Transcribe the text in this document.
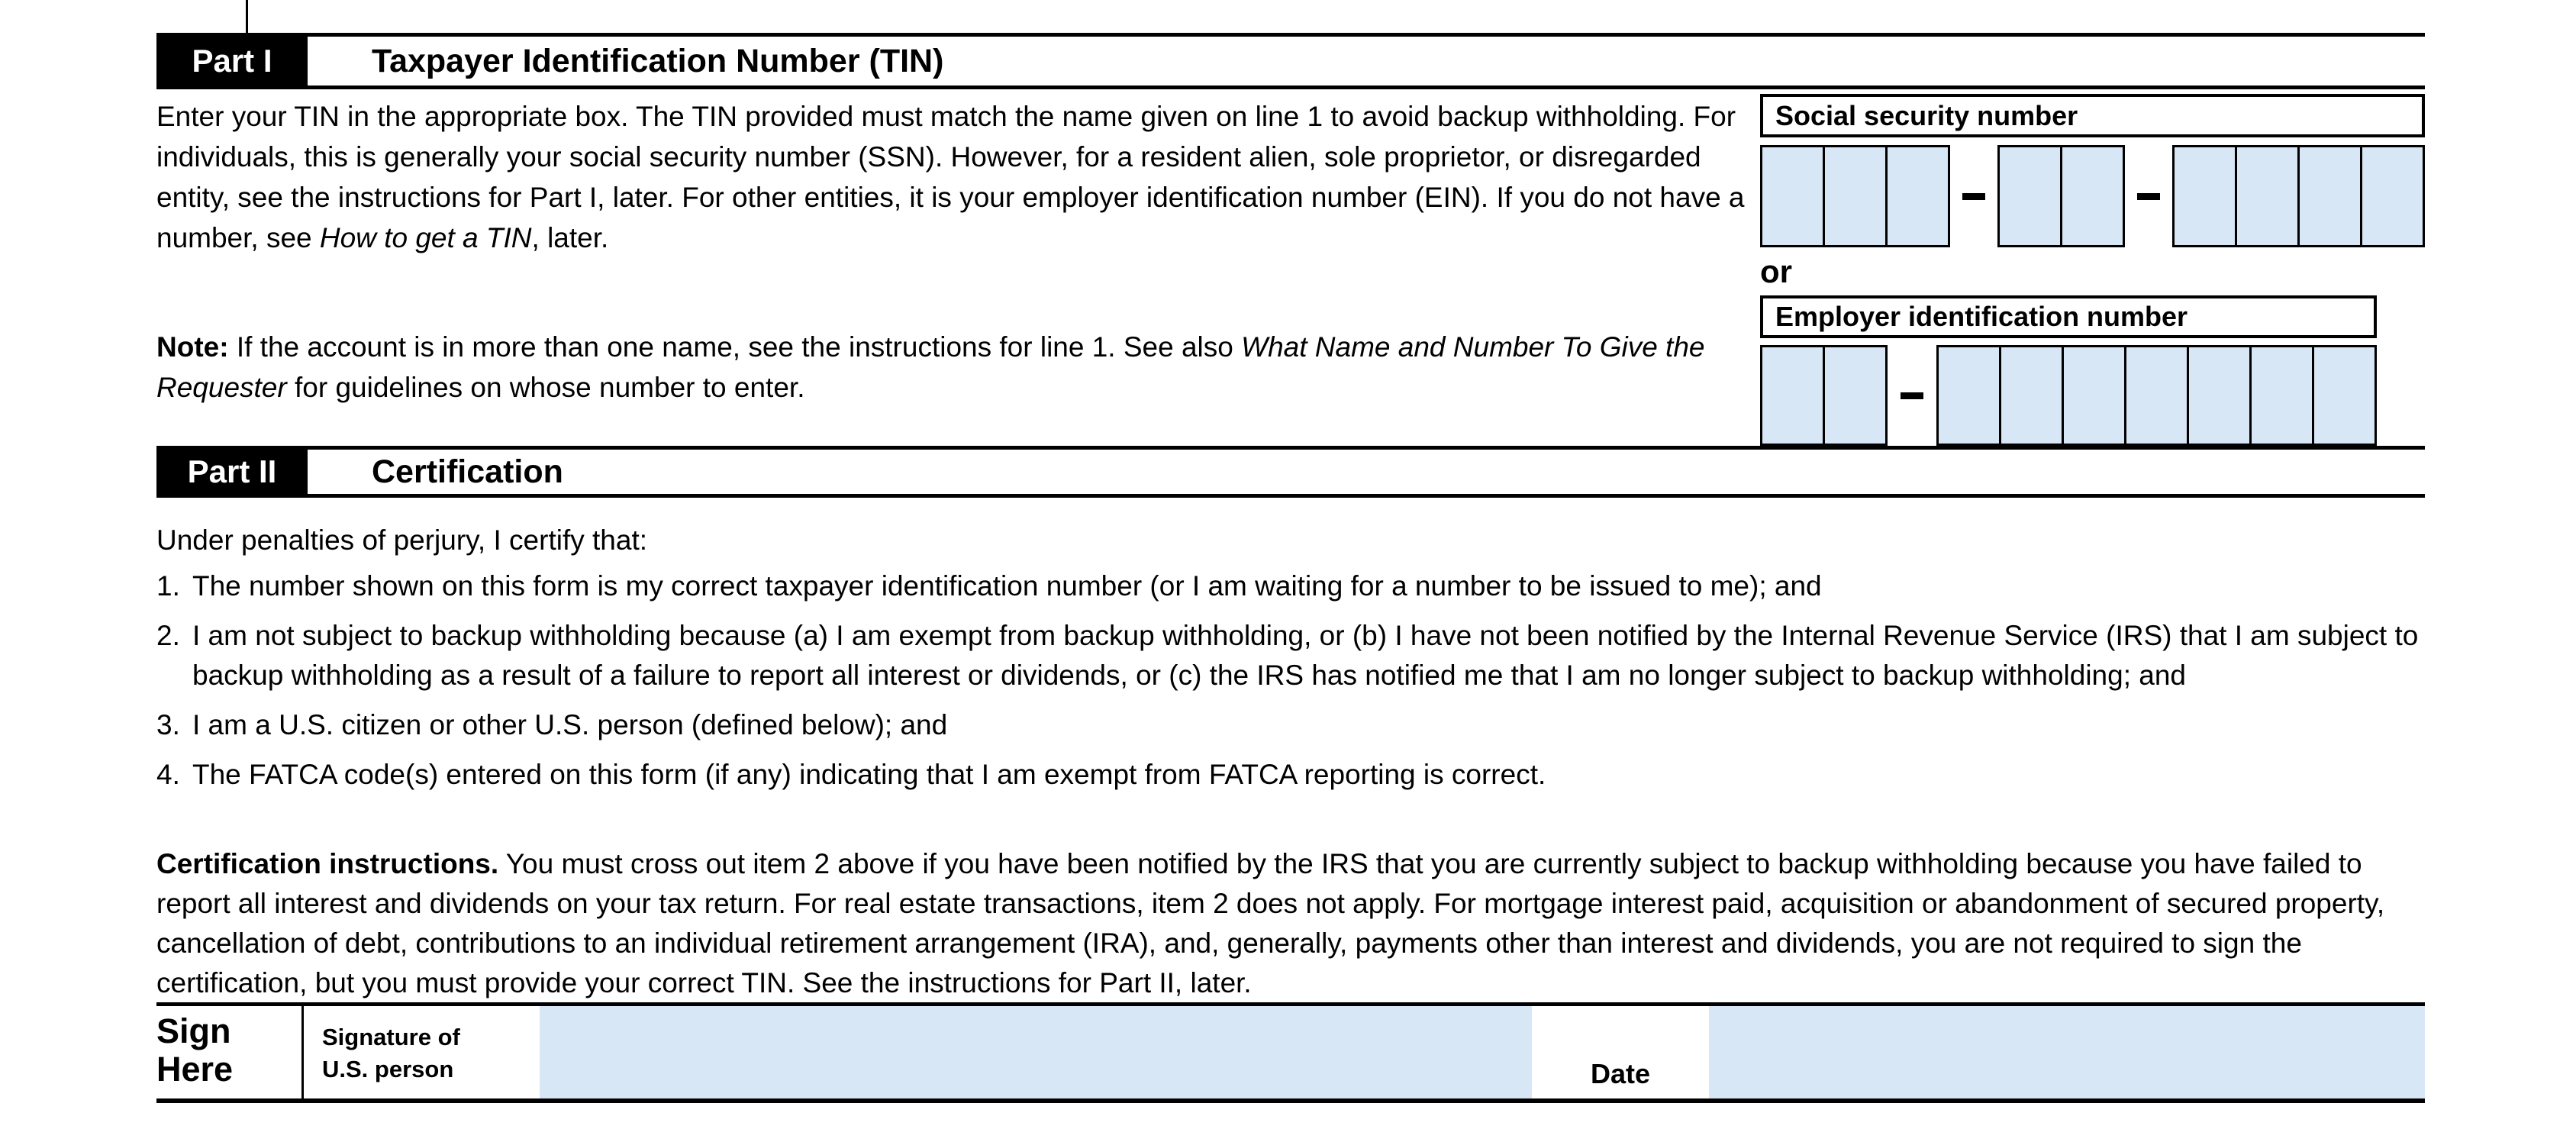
Part I	Taxpayer Identification Number (TIN)

Enter your TIN in the appropriate box. The TIN provided must match the name given on line 1 to avoid backup withholding. For individuals, this is generally your social security number (SSN). However, for a resident alien, sole proprietor, or disregarded entity, see the instructions for Part I, later. For other entities, it is your employer identification number (EIN). If you do not have a number, see How to get a TIN, later.

Note: If the account is in more than one name, see the instructions for line 1. See also What Name and Number To Give the Requester for guidelines on whose number to enter.

Social security number
or
Employer identification number
Part II	Certification
Under penalties of perjury, I certify that:
1. The number shown on this form is my correct taxpayer identification number (or I am waiting for a number to be issued to me); and
2. I am not subject to backup withholding because (a) I am exempt from backup withholding, or (b) I have not been notified by the Internal Revenue Service (IRS) that I am subject to backup withholding as a result of a failure to report all interest or dividends, or (c) the IRS has notified me that I am no longer subject to backup withholding; and
3. I am a U.S. citizen or other U.S. person (defined below); and
4. The FATCA code(s) entered on this form (if any) indicating that I am exempt from FATCA reporting is correct.

Certification instructions. You must cross out item 2 above if you have been notified by the IRS that you are currently subject to backup withholding because you have failed to report all interest and dividends on your tax return. For real estate transactions, item 2 does not apply. For mortgage interest paid, acquisition or abandonment of secured property, cancellation of debt, contributions to an individual retirement arrangement (IRA), and, generally, payments other than interest and dividends, you are not required to sign the certification, but you must provide your correct TIN. See the instructions for Part II, later.

Sign
Here
Signature of
U.S. person	Date
